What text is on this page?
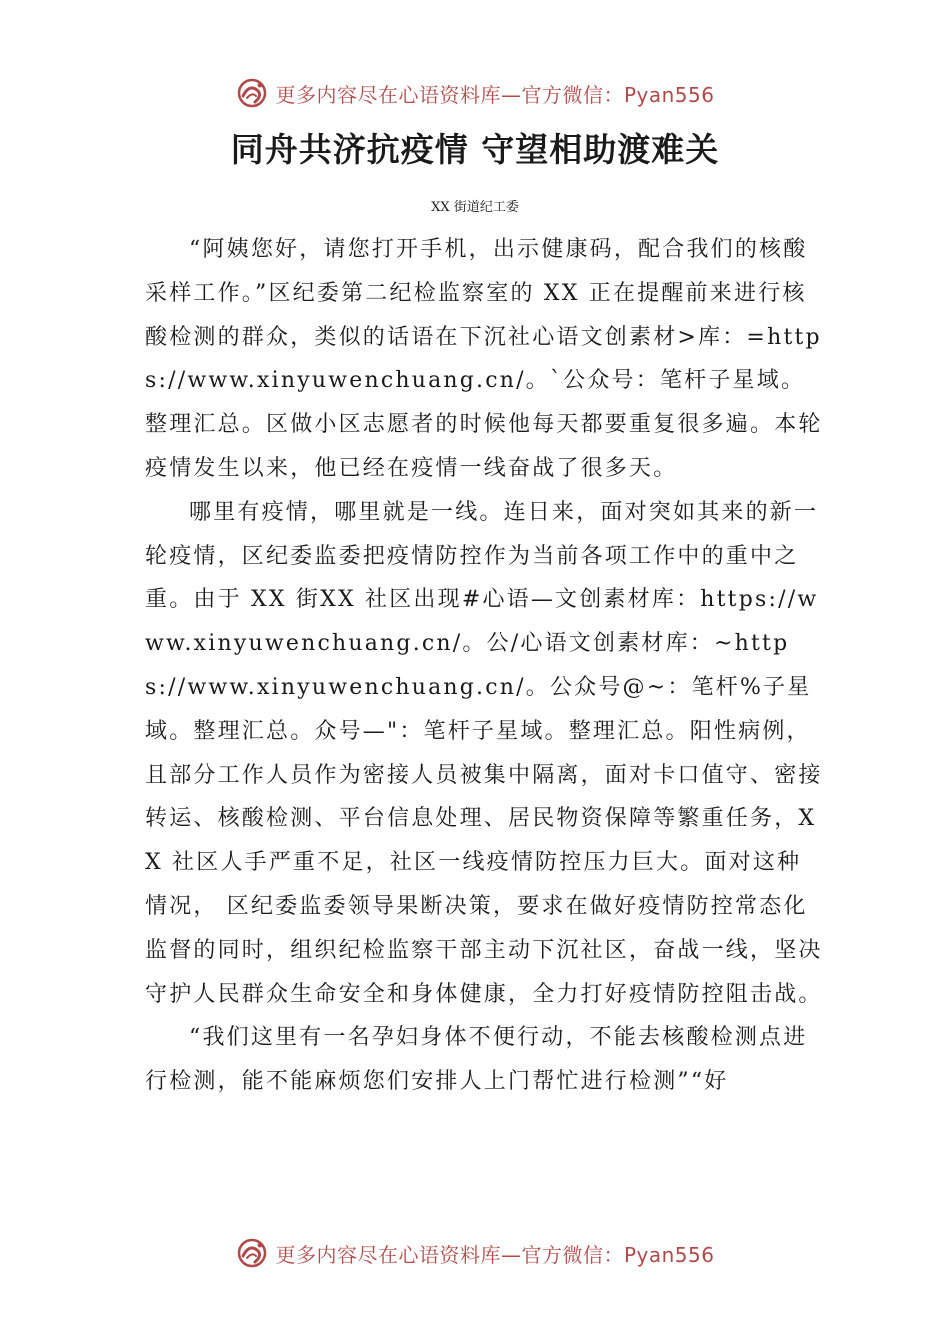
更多内容尽在心语资料库—官方微信：Pyan556
同舟共济抗疫情 守望相助渡难关
XX 街道纪工委

“阿姨您好，请您打开手机，出示健康码，配合我们的核酸采样工作。”区纪委第二纪检监察室的 XX 正在提醒前来进行核酸检测的群众，类似的话语在下沉社心语文创素材>库：=https://www.xinyuwenchuang.cn/。`公众号：笔杆子星域。整理汇总。区做小区志愿者的时候他每天都要重复很多遍。本轮疫情发生以来，他已经在疫情一线奋战了很多天。

哪里有疫情，哪里就是一线。连日来，面对突如其来的新一轮疫情，区纪委监委把疫情防控作为当前各项工作中的重中之重。由于 XX 街XX 社区出现#心语—文创素材库：https://www.xinyuwenchuang.cn/。公/心语文创素材库：~https://www.xinyuwenchuang.cn/。公众号@~：笔杆%子星域。整理汇总。众号—"：笔杆子星域。整理汇总。阳性病例，且部分工作人员作为密接人员被集中隔离，面对卡口值守、密接转运、核酸检测、平台信息处理、居民物资保障等繁重任务，XX 社区人手严重不足，社区一线疫情防控压力巨大。面对这种情况， 区纪委监委领导果断决策，要求在做好疫情防控常态化监督的同时，组织纪检监察干部主动下沉社区，奋战一线，坚决守护人民群众生命安全和身体健康，全力打好疫情防控阻击战。

“我们这里有一名孕妇身体不便行动，不能去核酸检测点进行检测，能不能麻烦您们安排人上门帮忙进行检测”“好

更多内容尽在心语资料库—官方微信：Pyan556
